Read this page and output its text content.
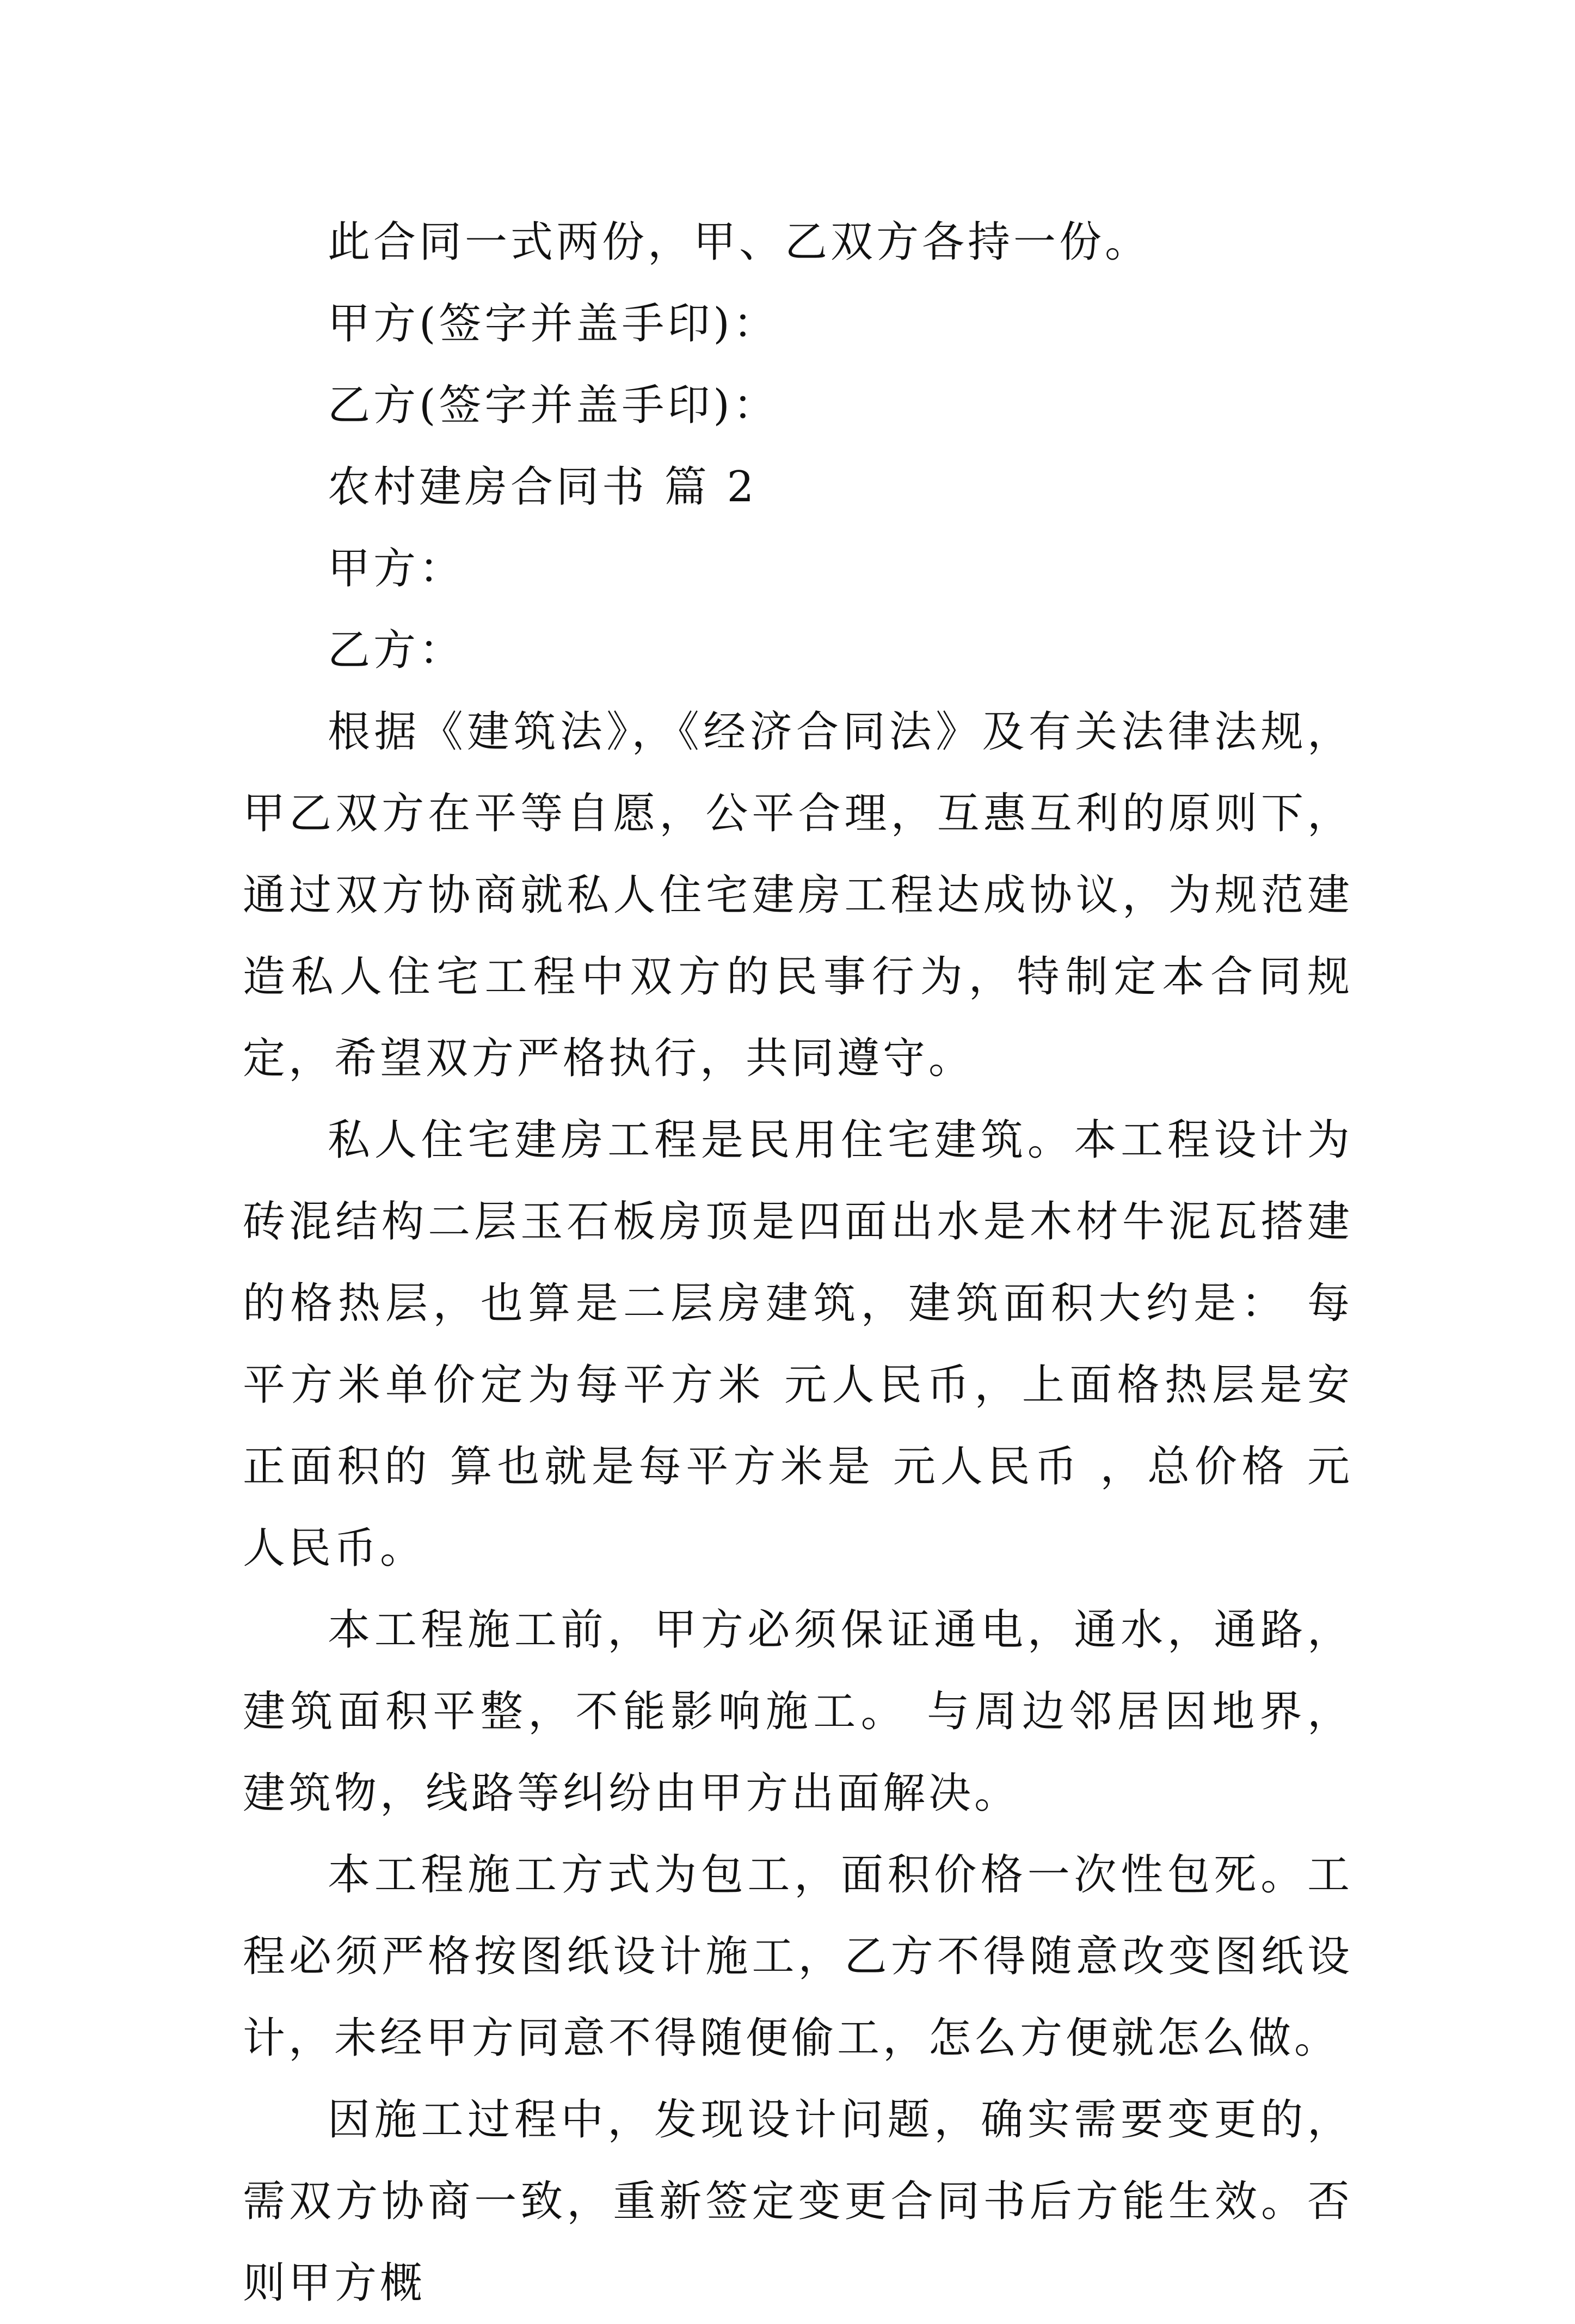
此合同一式两份，甲、乙双方各持一份。

甲方(签字并盖手印)：

乙方(签字并盖手印)：

农村建房合同书 篇 2

甲方：

乙方：

根据《建筑法》，《经济合同法》及有关法律法规，甲乙双方在平等自愿，公平合理，互惠互利的原则下，通过双方协商就私人住宅建房工程达成协议，为规范建造私人住宅工程中双方的民事行为，特制定本合同规定，希望双方严格执行，共同遵守。

私人住宅建房工程是民用住宅建筑。本工程设计为砖混结构二层玉石板房顶是四面出水是木材牛泥瓦搭建的格热层，也算是二层房建筑，建筑面积大约是： 每平方米单价定为每平方米 元人民币，上面格热层是安正面积的 算也就是每平方米是 元人民币 ，总价格 元人民币。

本工程施工前，甲方必须保证通电，通水，通路，建筑面积平整，不能影响施工。 与周边邻居因地界，建筑物，线路等纠纷由甲方出面解决。

本工程施工方式为包工，面积价格一次性包死。工程必须严格按图纸设计施工，乙方不得随意改变图纸设计，未经甲方同意不得随便偷工，怎么方便就怎么做。

因施工过程中，发现设计问题，确实需要变更的，需双方协商一致，重新签定变更合同书后方能生效。否则甲方概
